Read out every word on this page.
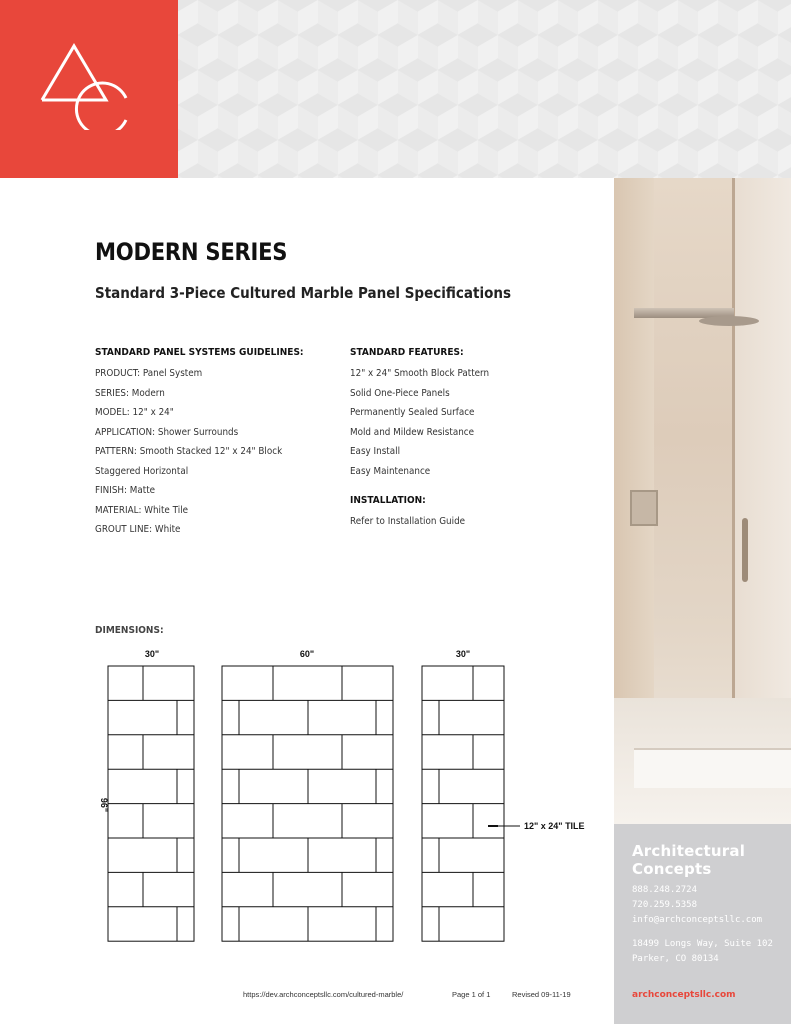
Architectural
Concepts
888.248.2724
720.259.5358
info@archconceptsllc.com
18499 Longs Way, Suite 102
Parker, CO 80134
archconceptsllc.com
MODERN SERIES
Standard 3-Piece Cultured Marble Panel Specifications
STANDARD PANEL SYSTEMS GUIDELINES:
PRODUCT: Panel System
SERIES: Modern
MODEL: 12" x 24"
APPLICATION: Shower Surrounds
PATTERN: Smooth Stacked 12" x 24" Block
Staggered Horizontal
FINISH: Matte
MATERIAL: White Tile
GROUT LINE: White
STANDARD FEATURES:
12" x 24" Smooth Block Pattern
Solid One-Piece Panels
Permanently Sealed Surface
Mold and Mildew Resistance
Easy Install
Easy Maintenance
INSTALLATION:
Refer to Installation Guide
DIMENSIONS:
30"	60"	30"
96"
12" x 24" TILE
https://dev.archconceptsllc.com/cultured-marble/	Page 1 of 1	Revised 09-11-19
